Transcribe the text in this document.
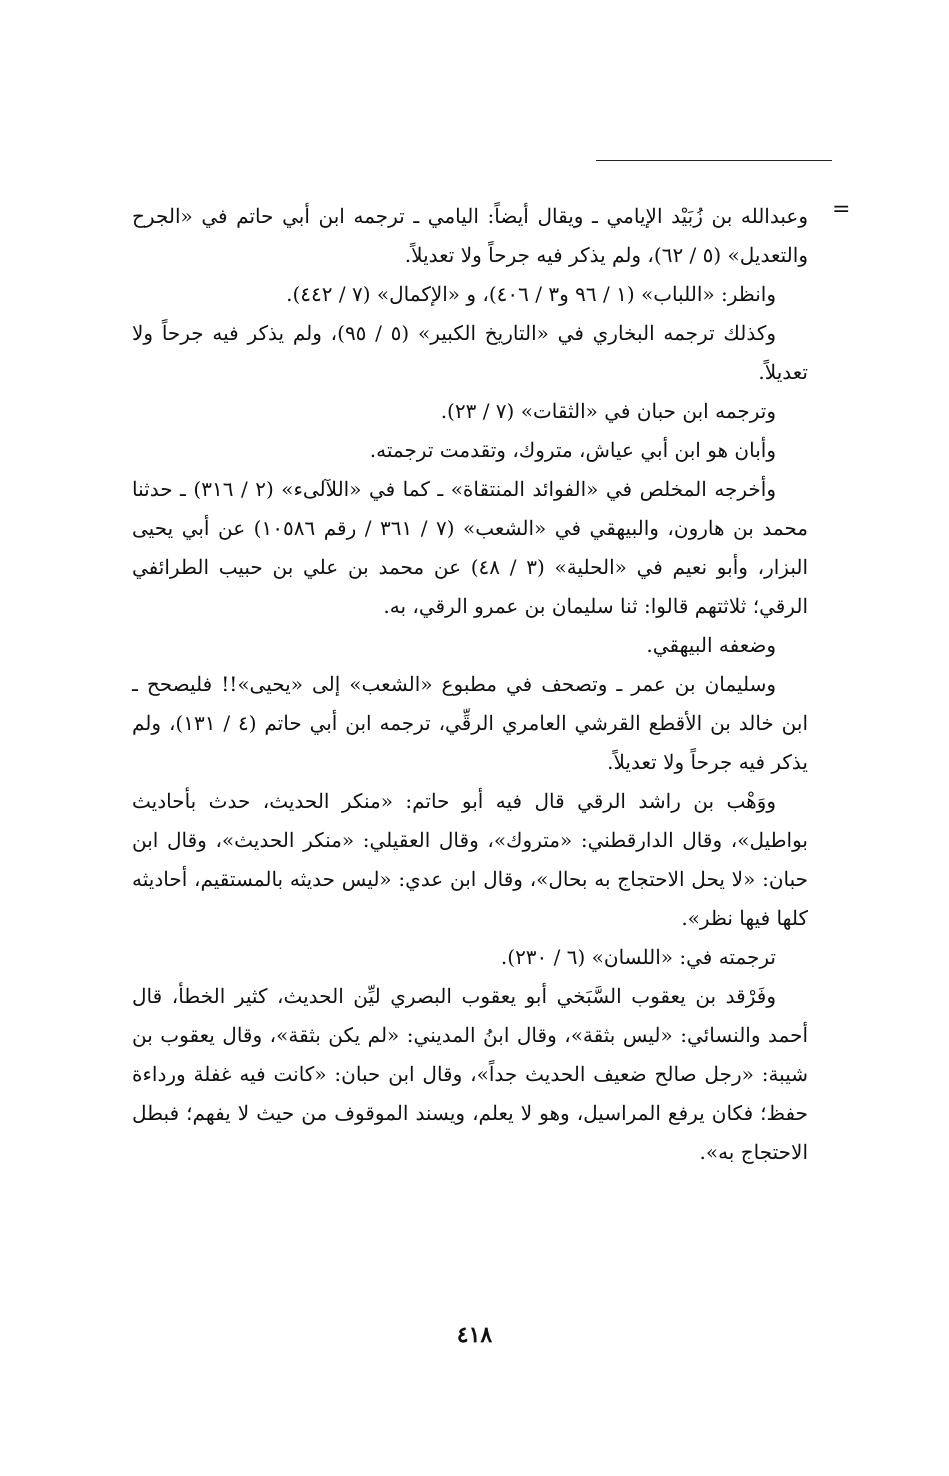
=

وعبدالله بن زُبَيْد الإيامي ـ ويقال أيضاً: اليامي ـ ترجمه ابن أبي حاتم في «الجرح والتعديل» (٥ / ٦٢)، ولم يذكر فيه جرحاً ولا تعديلاً.

وانظر: «اللباب» (١ / ٩٦ و٣ / ٤٠٦)، و «الإكمال» (٧ / ٤٤٢).

وكذلك ترجمه البخاري في «التاريخ الكبير» (٥ / ٩٥)، ولم يذكر فيه جرحاً ولا تعديلاً.

وترجمه ابن حبان في «الثقات» (٧ / ٢٣).

وأبان هو ابن أبي عياش، متروك، وتقدمت ترجمته.

وأخرجه المخلص في «الفوائد المنتقاة» ـ كما في «اللآلىء» (٢ / ٣١٦) ـ حدثنا محمد بن هارون، والبيهقي في «الشعب» (٧ / ٣٦١ / رقم ١٠٥٨٦) عن أبي يحيى البزار، وأبو نعيم في «الحلية» (٣ / ٤٨) عن محمد بن علي بن حبيب الطرائفي الرقي؛ ثلاثتهم قالوا: ثنا سليمان بن عمرو الرقي، به.

وضعفه البيهقي.

وسليمان بن عمر ـ وتصحف في مطبوع «الشعب» إلى «يحيى»!! فليصحح ـ ابن خالد بن الأقطع القرشي العامري الرقِّي، ترجمه ابن أبي حاتم (٤ / ١٣١)، ولم يذكر فيه جرحاً ولا تعديلاً.

ووَهْب بن راشد الرقي قال فيه أبو حاتم: «منكر الحديث، حدث بأحاديث بواطيل»، وقال الدارقطني: «متروك»، وقال العقيلي: «منكر الحديث»، وقال ابن حبان: «لا يحل الاحتجاج به بحال»، وقال ابن عدي: «ليس حديثه بالمستقيم، أحاديثه كلها فيها نظر».

ترجمته في: «اللسان» (٦ / ٢٣٠).

وفَرْقد بن يعقوب السَّبَخي أبو يعقوب البصري ليِّن الحديث، كثير الخطأ، قال أحمد والنسائي: «ليس بثقة»، وقال ابنُ المديني: «لم يكن بثقة»، وقال يعقوب بن شيبة: «رجل صالح ضعيف الحديث جداً»، وقال ابن حبان: «كانت فيه غفلة ورداءة حفظ؛ فكان يرفع المراسيل، وهو لا يعلم، ويسند الموقوف من حيث لا يفهم؛ فبطل الاحتجاج به».

٤١٨
